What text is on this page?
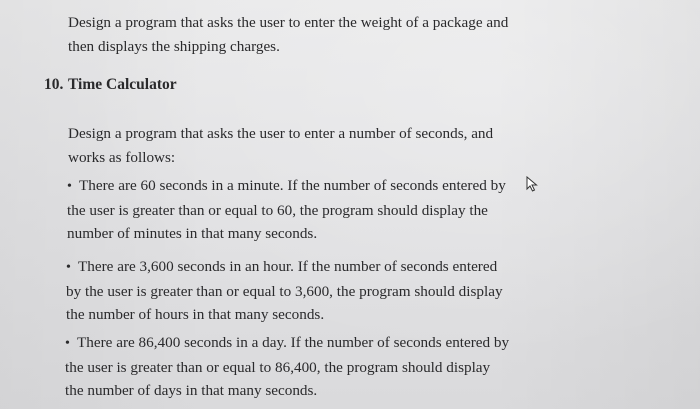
Design a program that asks the user to enter the weight of a package and
then displays the shipping charges.
10. Time Calculator
Design a program that asks the user to enter a number of seconds, and
works as follows:
• There are 60 seconds in a minute. If the number of seconds entered by
the user is greater than or equal to 60, the program should display the
number of minutes in that many seconds.
• There are 3,600 seconds in an hour. If the number of seconds entered
by the user is greater than or equal to 3,600, the program should display
the number of hours in that many seconds.
• There are 86,400 seconds in a day. If the number of seconds entered by
the user is greater than or equal to 86,400, the program should display
the number of days in that many seconds.
